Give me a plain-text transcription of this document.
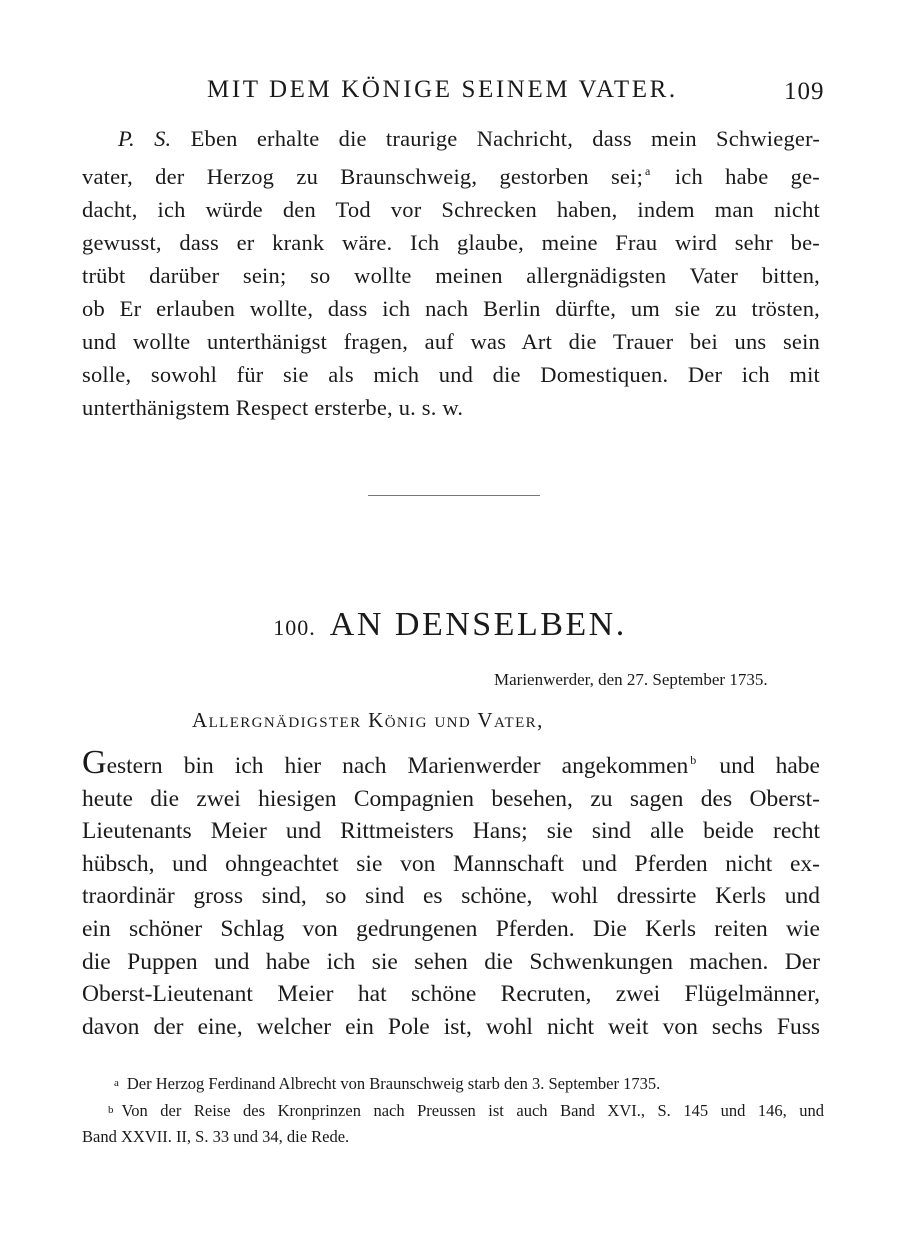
MIT DEM KÖNIGE SEINEM VATER.	109
P. S. Eben erhalte die traurige Nachricht, dass mein Schwieger-
vater, der Herzog zu Braunschweig, gestorben sei; $^a$ ich habe ge-
dacht, ich würde den Tod vor Schrecken haben, indem man nicht
gewusst, dass er krank wäre. Ich glaube, meine Frau wird sehr be-
trübt darüber sein; so wollte meinen allergnädigsten Vater bitten,
ob Er erlauben wollte, dass ich nach Berlin dürfte, um sie zu trösten,
und wollte unterthänigst fragen, auf was Art die Trauer bei uns sein
solle, sowohl für sie als mich und die Domestiquen. Der ich mit
unterthänigstem Respect ersterbe, u. s. w.
100. AN DENSELBEN.
Marienwerder, den 27. September 1735.
Allergnädigster König und Vater,
Gestern bin ich hier nach Marienwerder angekommen $^b$ und habe
heute die zwei hiesigen Compagnien besehen, zu sagen des Oberst-
Lieutenants Meier und Rittmeisters Hans; sie sind alle beide recht
hübsch, und ohngeachtet sie von Mannschaft und Pferden nicht ex-
traordinär gross sind, so sind es schöne, wohl dressirte Kerls und
ein schöner Schlag von gedrungenen Pferden. Die Kerls reiten wie
die Puppen und habe ich sie sehen die Schwenkungen machen. Der
Oberst-Lieutenant Meier hat schöne Recruten, zwei Flügelmänner,
davon der eine, welcher ein Pole ist, wohl nicht weit von sechs Fuss
a Der Herzog Ferdinand Albrecht von Braunschweig starb den 3. September 1735.
b Von der Reise des Kronprinzen nach Preussen ist auch Band XVI., S. 145 und 146, und
Band XXVII. II, S. 33 und 34, die Rede.
